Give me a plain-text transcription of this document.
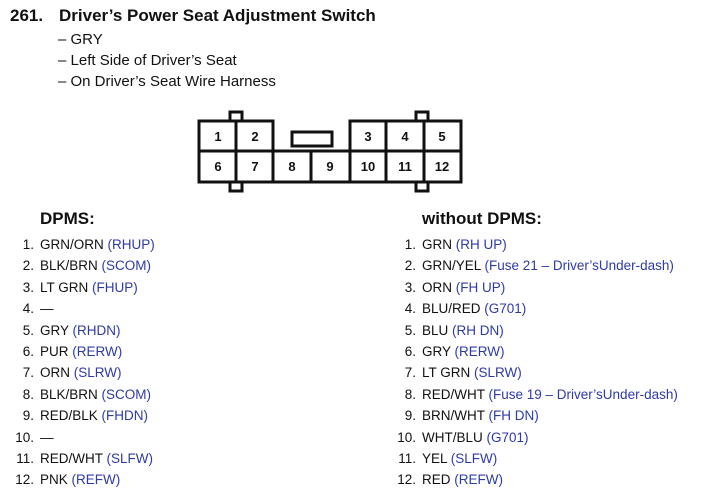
261. Driver’s Power Seat Adjustment Switch
– GRY
– Left Side of Driver’s Seat
– On Driver’s Seat Wire Harness
1 2	3 4 5
6 7 8 9 10 11 12
DPMS:	without DPMS:
1. GRN/ORN (RHUP)
2. BLK/BRN (SCOM)
3. LT GRN (FHUP)
4. —
5. GRY (RHDN)
6. PUR (RERW)
7. ORN (SLRW)
8. BLK/BRN (SCOM)
9. RED/BLK (FHDN)
10. —
11. RED/WHT (SLFW)
12. PNK (REFW)
1. GRN (RH UP)
2. GRN/YEL (Fuse 21 – Driver’sUnder-dash)
3. ORN (FH UP)
4. BLU/RED (G701)
5. BLU (RH DN)
6. GRY (RERW)
7. LT GRN (SLRW)
8. RED/WHT (Fuse 19 – Driver’sUnder-dash)
9. BRN/WHT (FH DN)
10. WHT/BLU (G701)
11. YEL (SLFW)
12. RED (REFW)
